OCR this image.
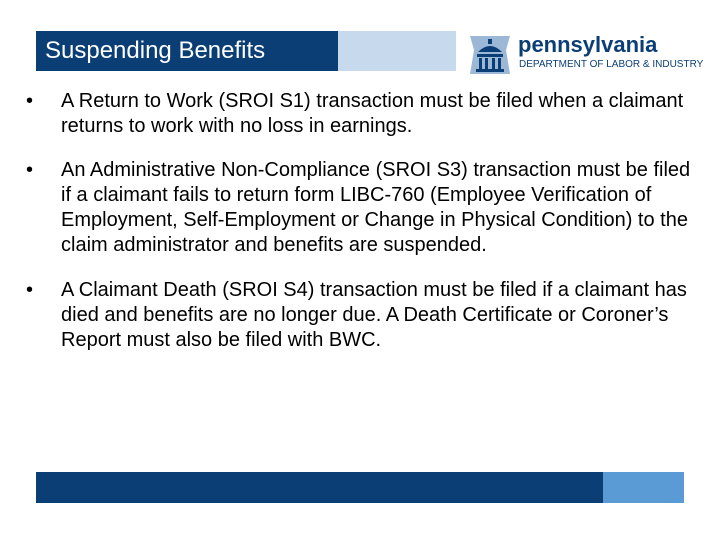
Suspending Benefits	pennsylvania
DEPARTMENT OF LABOR & INDUSTRY
• A Return to Work (SROI S1) transaction must be filed when a claimant returns to work with no loss in earnings.
• An Administrative Non-Compliance (SROI S3) transaction must be filed if a claimant fails to return form LIBC-760 (Employee Verification of Employment, Self-Employment or Change in Physical Condition) to the claim administrator and benefits are suspended.
• A Claimant Death (SROI S4) transaction must be filed if a claimant has died and benefits are no longer due. A Death Certificate or Coroner’s Report must also be filed with BWC.
